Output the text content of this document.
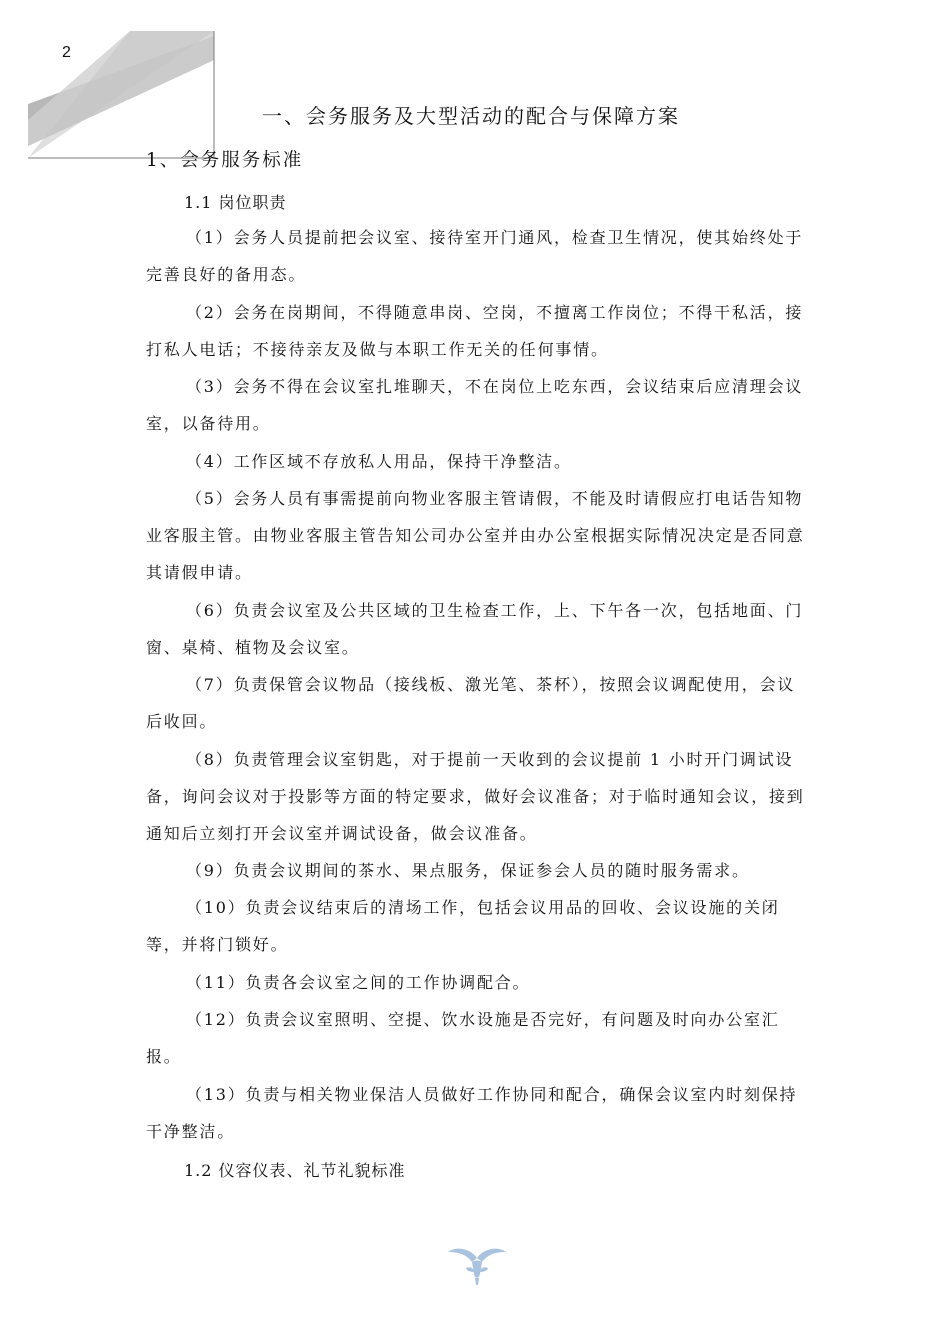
2
一、会务服务及大型活动的配合与保障方案
1、会务服务标准
1.1 岗位职责

（1）会务人员提前把会议室、接待室开门通风，检查卫生情况，使其始终处于完善良好的备用态。

（2）会务在岗期间，不得随意串岗、空岗，不擅离工作岗位；不得干私活，接打私人电话；不接待亲友及做与本职工作无关的任何事情。

（3）会务不得在会议室扎堆聊天，不在岗位上吃东西，会议结束后应清理会议室，以备待用。

（4）工作区域不存放私人用品，保持干净整洁。

（5）会务人员有事需提前向物业客服主管请假，不能及时请假应打电话告知物业客服主管。由物业客服主管告知公司办公室并由办公室根据实际情况决定是否同意其请假申请。

（6）负责会议室及公共区域的卫生检查工作，上、下午各一次，包括地面、门窗、桌椅、植物及会议室。

（7）负责保管会议物品（接线板、激光笔、茶杯），按照会议调配使用，会议后收回。

（8）负责管理会议室钥匙，对于提前一天收到的会议提前 1 小时开门调试设备，询问会议对于投影等方面的特定要求，做好会议准备；对于临时通知会议，接到通知后立刻打开会议室并调试设备，做会议准备。

（9）负责会议期间的茶水、果点服务，保证参会人员的随时服务需求。

（10）负责会议结束后的清场工作，包括会议用品的回收、会议设施的关闭等，并将门锁好。

（11）负责各会议室之间的工作协调配合。

（12）负责会议室照明、空提、饮水设施是否完好，有问题及时向办公室汇报。

（13）负责与相关物业保洁人员做好工作协同和配合，确保会议室内时刻保持干净整洁。

1.2 仪容仪表、礼节礼貌标准
